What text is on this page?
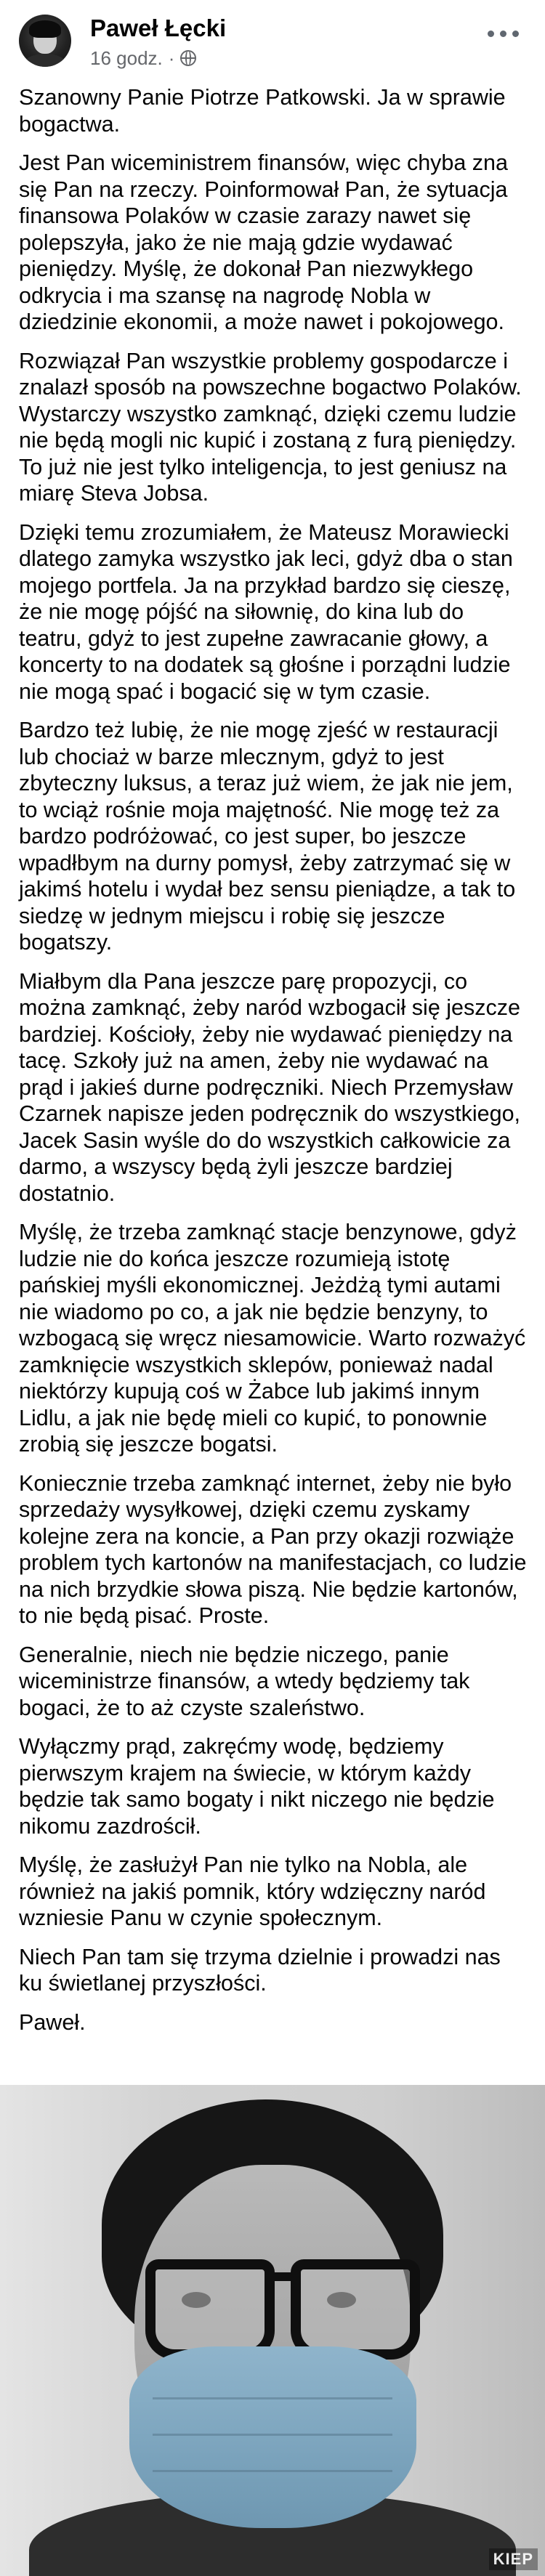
Paweł Łęcki
16 godz. ·

Szanowny Panie Piotrze Patkowski. Ja w sprawie bogactwa.

Jest Pan wiceministrem finansów, więc chyba zna się Pan na rzeczy. Poinformował Pan, że sytuacja finansowa Polaków w czasie zarazy nawet się polepszyła, jako że nie mają gdzie wydawać pieniędzy. Myślę, że dokonał Pan niezwykłego odkrycia i ma szansę na nagrodę Nobla w dziedzinie ekonomii, a może nawet i pokojowego.

Rozwiązał Pan wszystkie problemy gospodarcze i znalazł sposób na powszechne bogactwo Polaków. Wystarczy wszystko zamknąć, dzięki czemu ludzie nie będą mogli nic kupić i zostaną z furą pieniędzy. To już nie jest tylko inteligencja, to jest geniusz na miarę Steva Jobsa.

Dzięki temu zrozumiałem, że Mateusz Morawiecki dlatego zamyka wszystko jak leci, gdyż dba o stan mojego portfela. Ja na przykład bardzo się cieszę, że nie mogę pójść na siłownię, do kina lub do teatru, gdyż to jest zupełne zawracanie głowy, a koncerty to na dodatek są głośne i porządni ludzie nie mogą spać i bogacić się w tym czasie.

Bardzo też lubię, że nie mogę zjeść w restauracji lub chociaż w barze mlecznym, gdyż to jest zbyteczny luksus, a teraz już wiem, że jak nie jem, to wciąż rośnie moja majętność. Nie mogę też za bardzo podróżować, co jest super, bo jeszcze wpadłbym na durny pomysł, żeby zatrzymać się w jakimś hotelu i wydał bez sensu pieniądze, a tak to siedzę w jednym miejscu i robię się jeszcze bogatszy.

Miałbym dla Pana jeszcze parę propozycji, co można zamknąć, żeby naród wzbogacił się jeszcze bardziej. Kościoły, żeby nie wydawać pieniędzy na tacę. Szkoły już na amen, żeby nie wydawać na prąd i jakieś durne podręczniki. Niech Przemysław Czarnek napisze jeden podręcznik do wszystkiego, Jacek Sasin wyśle do do wszystkich całkowicie za darmo, a wszyscy będą żyli jeszcze bardziej dostatnio.

Myślę, że trzeba zamknąć stacje benzynowe, gdyż ludzie nie do końca jeszcze rozumieją istotę pańskiej myśli ekonomicznej. Jeżdżą tymi autami nie wiadomo po co, a jak nie będzie benzyny, to wzbogacą się wręcz niesamowicie. Warto rozważyć zamknięcie wszystkich sklepów, ponieważ nadal niektórzy kupują coś w Żabce lub jakimś innym Lidlu, a jak nie będę mieli co kupić, to ponownie zrobią się jeszcze bogatsi.

Koniecznie trzeba zamknąć internet, żeby nie było sprzedaży wysyłkowej, dzięki czemu zyskamy kolejne zera na koncie, a Pan przy okazji rozwiąże problem tych kartonów na manifestacjach, co ludzie na nich brzydkie słowa piszą. Nie będzie kartonów, to nie będą pisać. Proste.

Generalnie, niech nie będzie niczego, panie wiceministrze finansów, a wtedy będziemy tak bogaci, że to aż czyste szaleństwo.

Wyłączmy prąd, zakręćmy wodę, będziemy pierwszym krajem na świecie, w którym każdy będzie tak samo bogaty i nikt niczego nie będzie nikomu zazdrościł.

Myślę, że zasłużył Pan nie tylko na Nobla, ale również na jakiś pomnik, który wdzięczny naród wzniesie Panu w czynie społecznym.

Niech Pan tam się trzyma dzielnie i prowadzi nas ku świetlanej przyszłości.

Paweł.

KIEP
